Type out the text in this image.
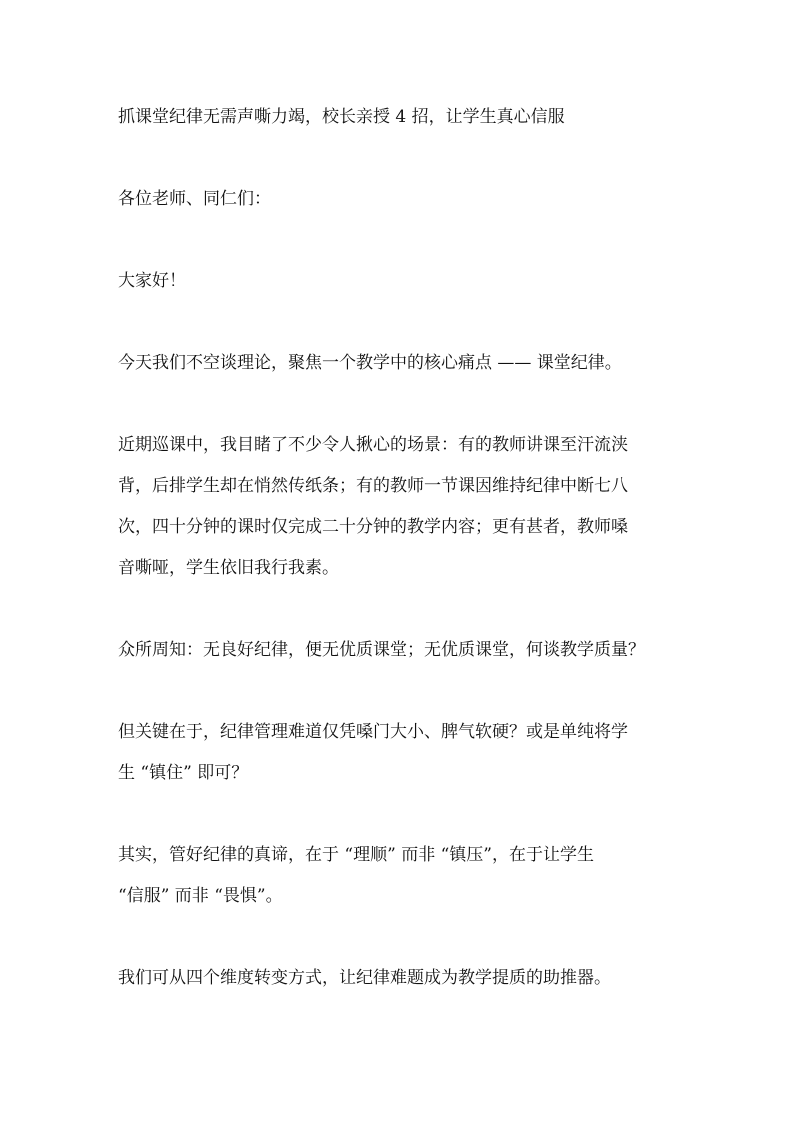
抓课堂纪律无需声嘶力竭，校长亲授 4 招，让学生真心信服

各位老师、同仁们：

大家好！

今天我们不空谈理论，聚焦一个教学中的核心痛点 —— 课堂纪律。

近期巡课中，我目睹了不少令人揪心的场景：有的教师讲课至汗流浃
背，后排学生却在悄然传纸条；有的教师一节课因维持纪律中断七八
次，四十分钟的课时仅完成二十分钟的教学内容；更有甚者，教师嗓
音嘶哑，学生依旧我行我素。

众所周知：无良好纪律，便无优质课堂；无优质课堂，何谈教学质量？

但关键在于，纪律管理难道仅凭嗓门大小、脾气软硬？或是单纯将学
生 “镇住” 即可？

其实，管好纪律的真谛，在于 “理顺” 而非 “镇压”，在于让学生
“信服” 而非 “畏惧”。

我们可从四个维度转变方式，让纪律难题成为教学提质的助推器。
